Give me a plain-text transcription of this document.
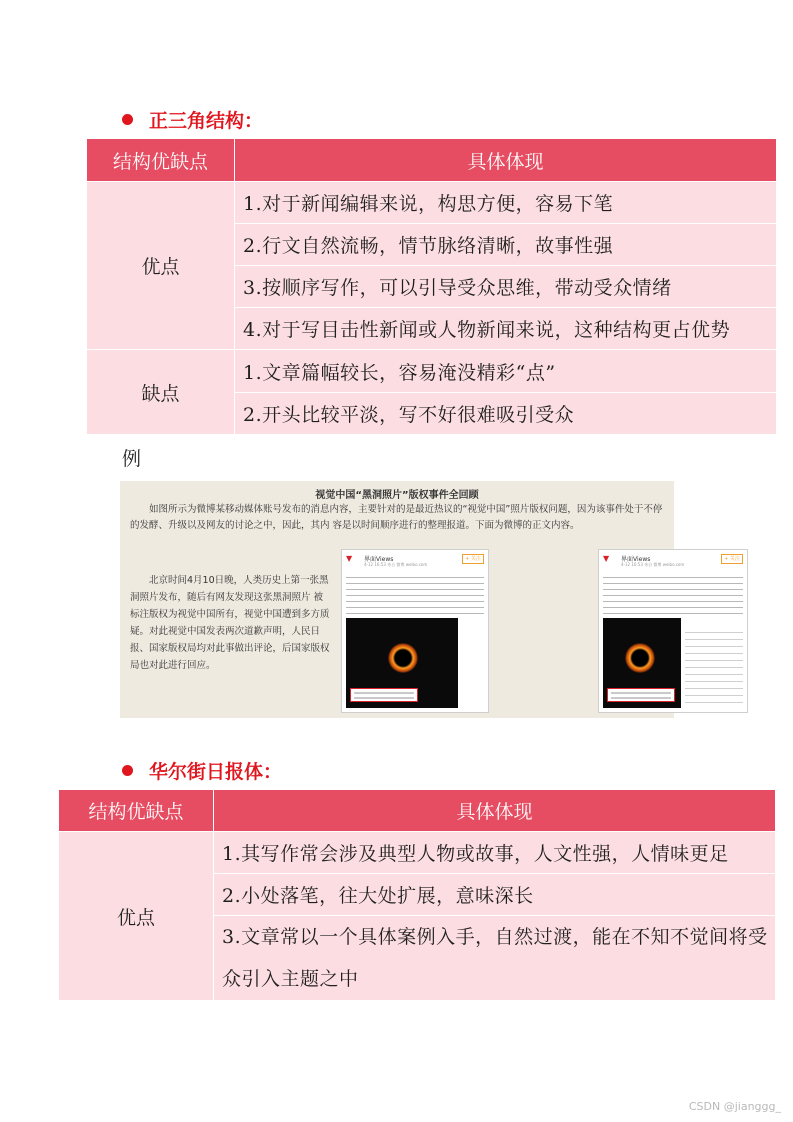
正三角结构：
结构优缺点	具体体现
优点	1.对于新闻编辑来说，构思方便，容易下笔
	2.行文自然流畅，情节脉络清晰，故事性强
	3.按顺序写作，可以引导受众思维，带动受众情绪
	4.对于写目击性新闻或人物新闻来说，这种结构更占优势
缺点	1.文章篇幅较长，容易淹没精彩“点”
	2.开头比较平淡，写不好很难吸引受众
例
视觉中国“黑洞照片”版权事件全回顾
如图所示为微博某移动媒体账号发布的消息内容，主要针对的是最近热议的“视觉中国”照片版权问题，因为该事件处于不停的发酵、升级以及网友的讨论之中，因此，其内 容是以时间顺序进行的整理报道。下面为微博的正文内容。
北京时间4月10日晚，人类历史上第一张黑洞照片发布，随后有网友发现这张黑洞照片 被标注版权为视觉中国所有，视觉中国遭到多方质疑。对此视觉中国发表两次道歉声明，人民日报、国家版权局均对此事做出评论，后国家版权局也对此进行回应。
▼	界面Views
4-12 16:53 来自 微博 weibo.com
+ 关注	▼	界面Views
4-12 16:53 来自 微博 weibo.com
+ 关注
华尔街日报体：
结构优缺点	具体体现
优点	1.其写作常会涉及典型人物或故事，人文性强，人情味更足
	2.小处落笔，往大处扩展，意味深长
	3.文章常以一个具体案例入手，自然过渡，能在不知不觉间将受众引入主题之中
CSDN @jianggg_
